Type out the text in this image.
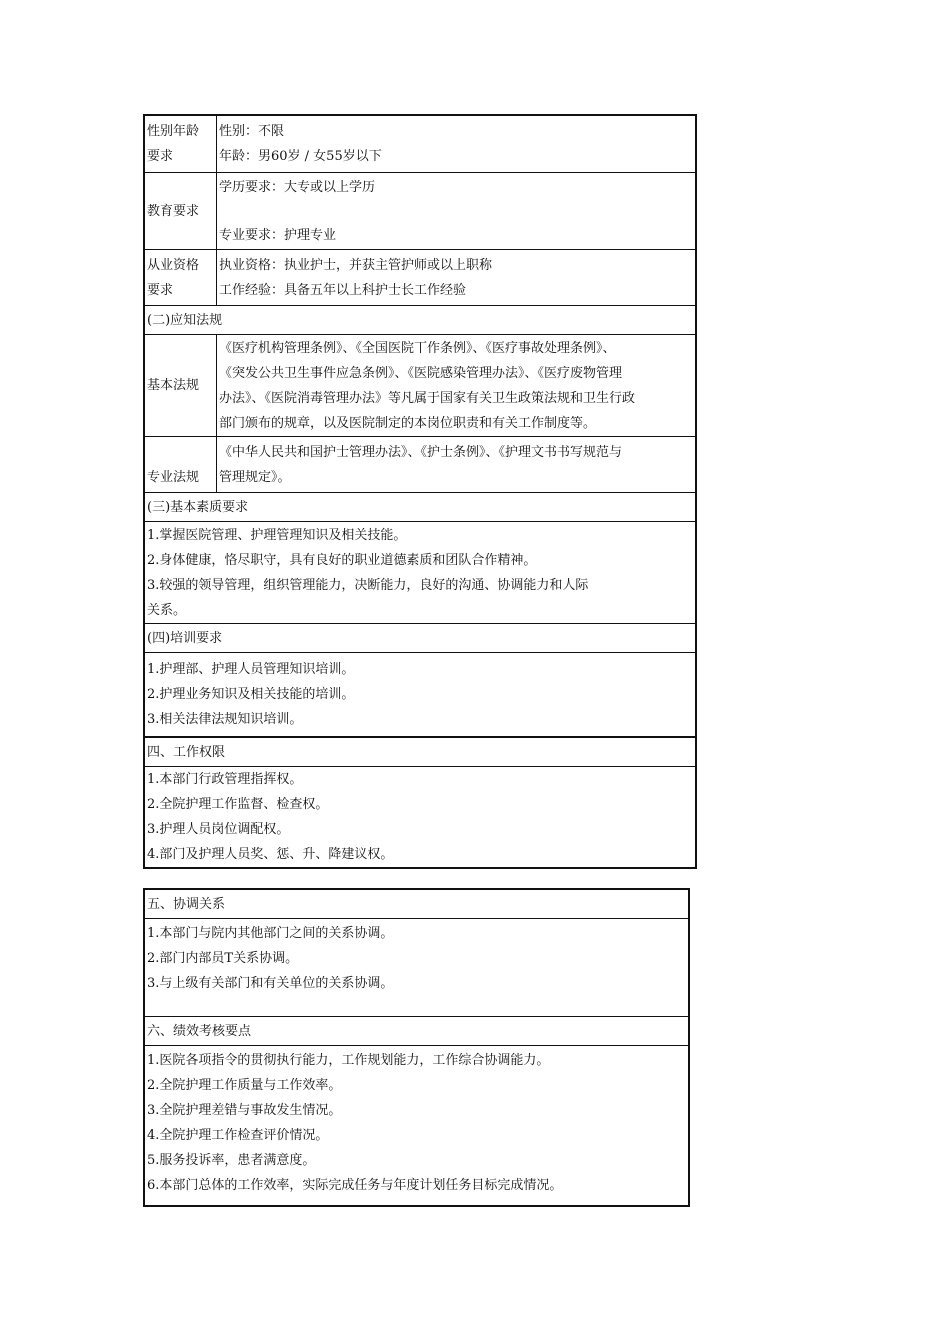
性别年龄
要求
性别：不限
年龄：男60岁 / 女55岁以下
教育要求
学历要求：大专或以上学历
专业要求：护理专业
从业资格
要求
执业资格：执业护士，并获主管护师或以上职称
工作经验：具备五年以上科护士长工作经验
(二)应知法规
基本法规
《医疗机构管理条例》、《全国医院丅作条例》、《医疗事故处理条例》、
《突发公共卫生事件应急条例》、《医院感染管理办法》、《医疗废物管理
办法》、《医院消毒管理办法》等凡属于国家有关卫生政策法规和卫生行政
部门颁布的规章，以及医院制定的本岗位职责和有关工作制度等。
专业法规
《中华人民共和国护士管理办法》、《护士条例》、《护理文书书写规范与
管理规定》。
(三)基本素质要求
1.掌握医院管理、护理管理知识及相关技能。
2.身体健康，恪尽职守，具有良好的职业道德素质和团队合作精神。
3.较强的领导管理，组织管理能力，决断能力，良好的沟通、协调能力和人际
关系。
(四)培训要求
1.护理部、护理人员管理知识培训。
2.护理业务知识及相关技能的培训。
3.相关法律法规知识培训。
四、工作权限
1.本部门行政管理指挥权。
2.全院护理工作监督、检查权。
3.护理人员岗位调配权。
4.部门及护理人员奖、惩、升、降建议权。
五、协调关系
1.本部门与院内其他部门之间的关系协调。
2.部门内部员T关系协调。
3.与上级有关部门和有关单位的关系协调。
六、绩效考核要点
1.医院各项指令的贯彻执行能力，工作规划能力，工作综合协调能力。
2.全院护理工作质量与工作效率。
3.全院护理差错与事故发生情况。
4.全院护理工作检查评价情况。
5.服务投诉率，患者满意度。
6.本部门总体的工作效率，实际完成任务与年度计划任务目标完成情况。
